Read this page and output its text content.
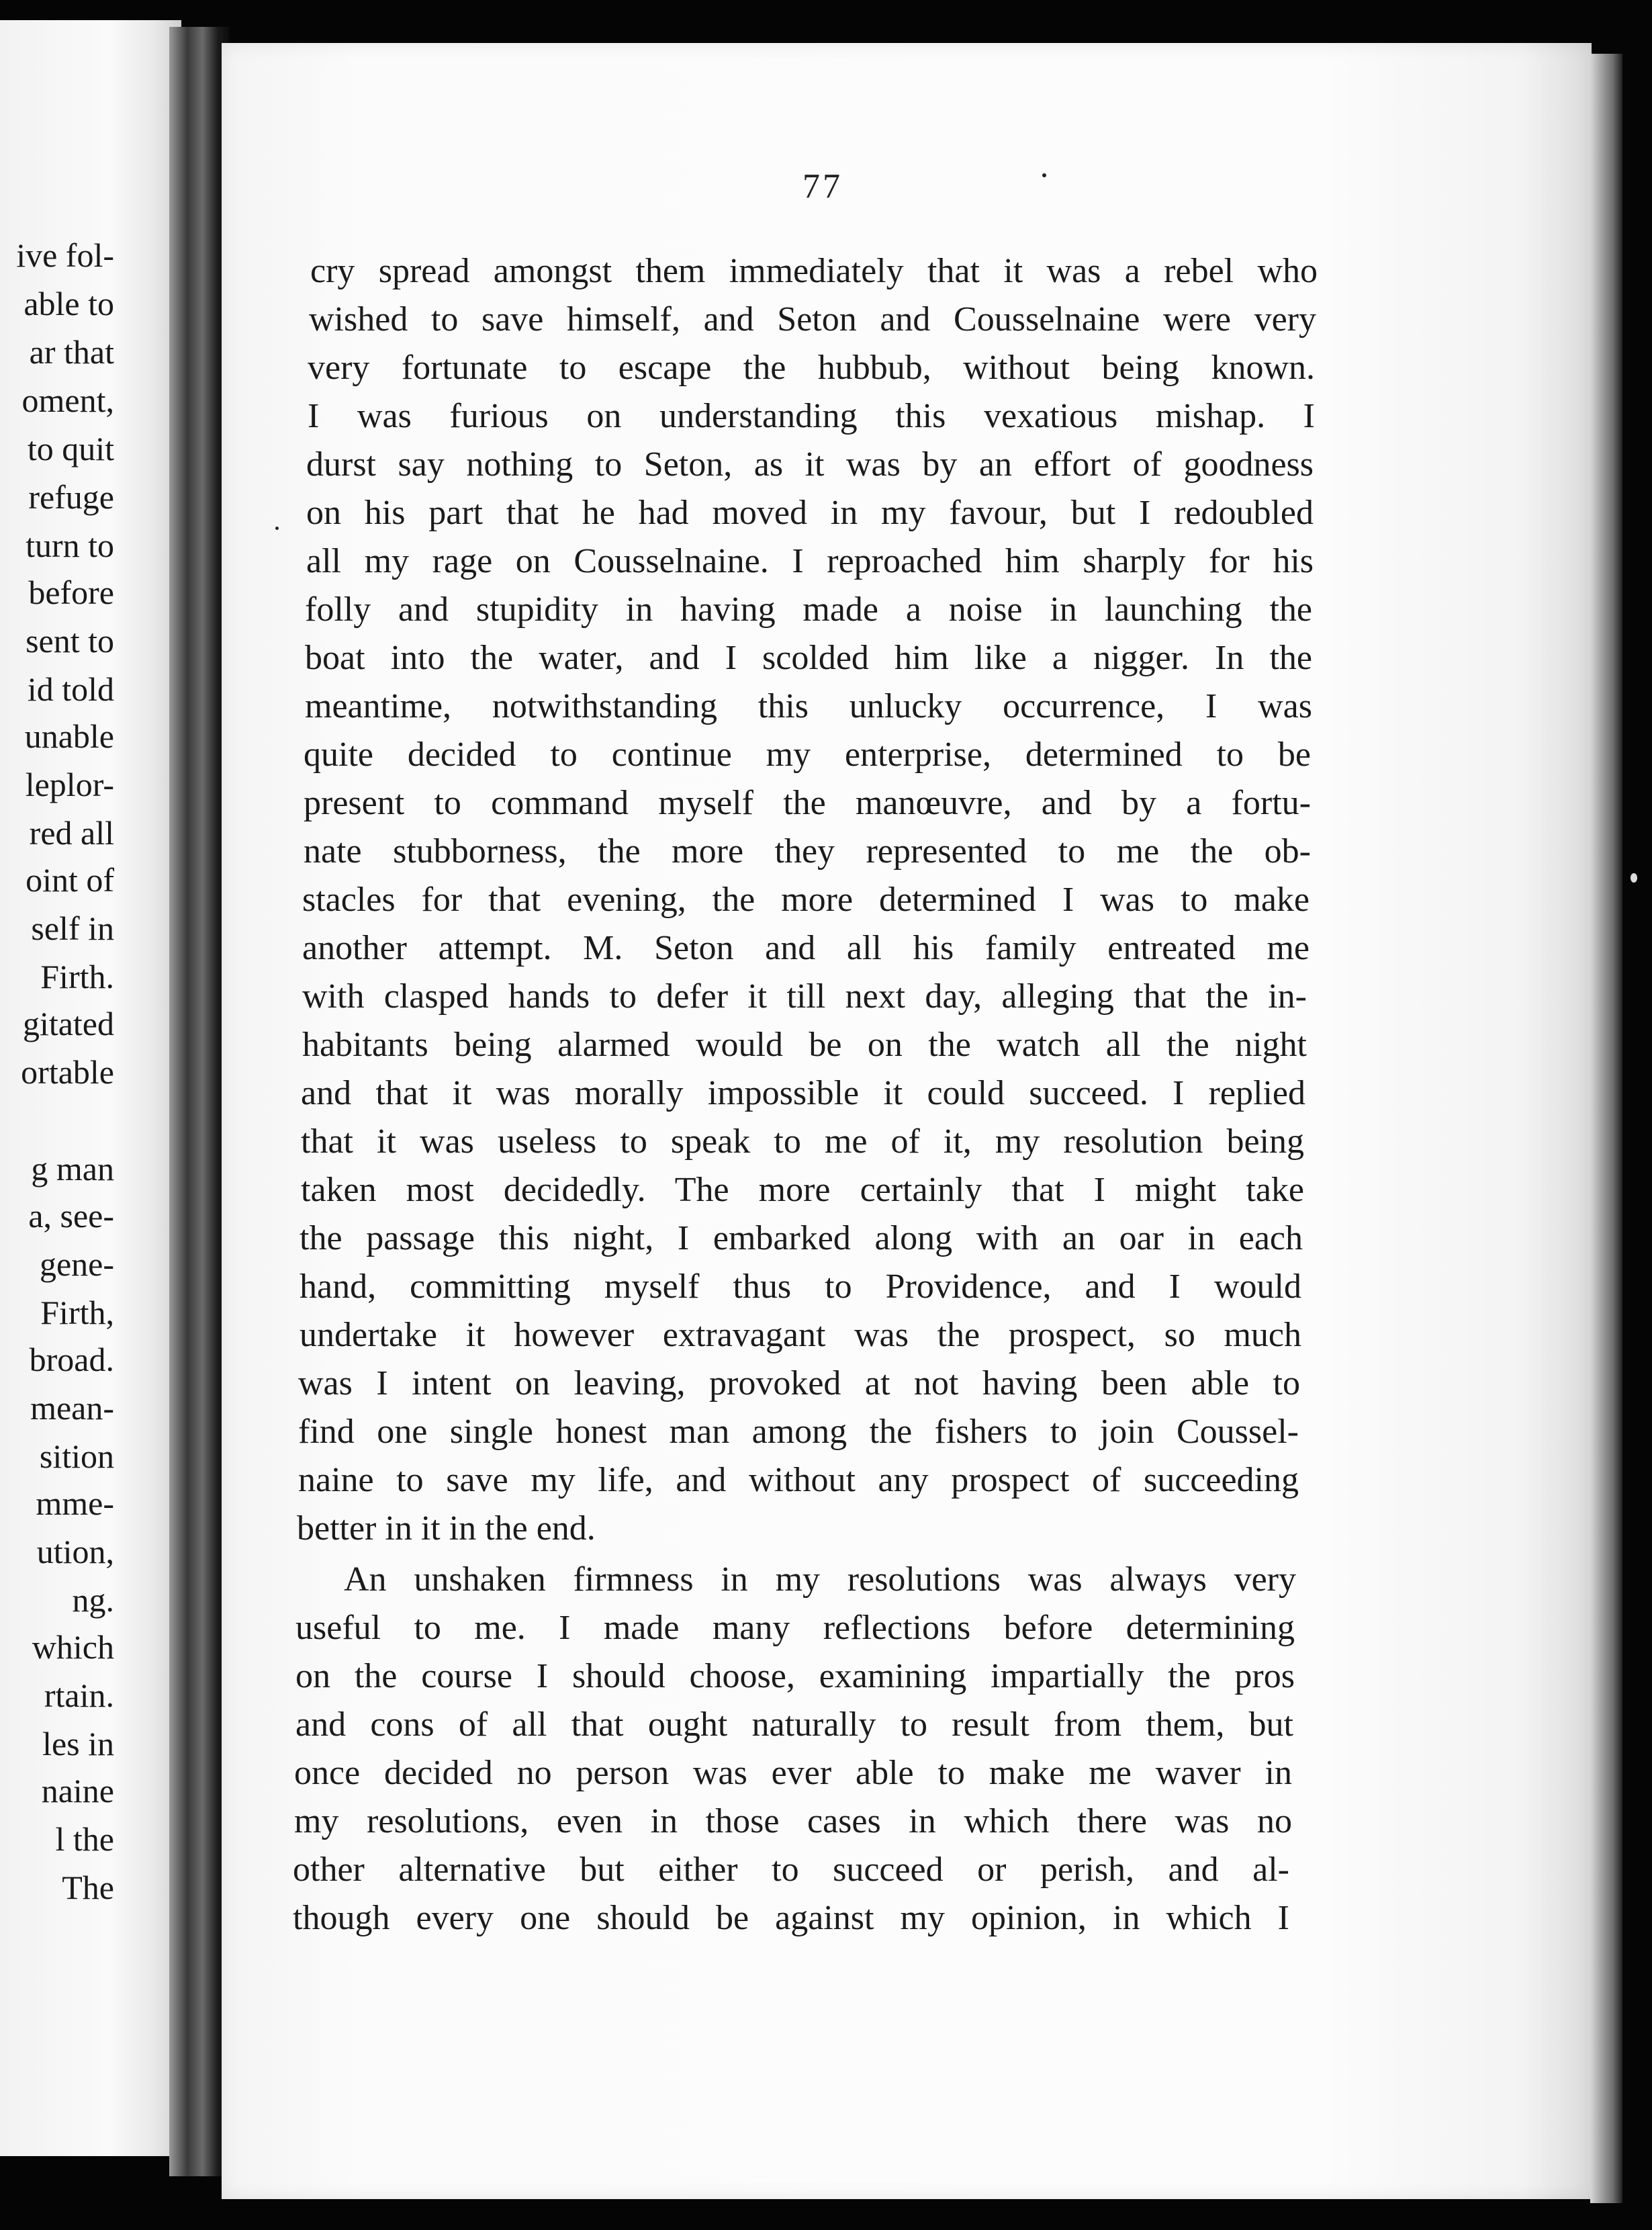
ive fol-
able to
ar that
oment,
to quit
refuge
turn to
before
sent to
id told
unable
leplor-
red all
oint of
self in
Firth.
gitated
ortable
g man
a, see-
gene-
Firth,
broad.
mean-
sition
mme-
ution,
ng.
which
rtain.
les in
naine
l the
The
77
cry spread amongst them immediately that it was a rebel who
wished to save himself, and Seton and Cousselnaine were very
very fortunate to escape the hubbub, without being known.
I was furious on understanding this vexatious mishap. I
durst say nothing to Seton, as it was by an effort of goodness
on his part that he had moved in my favour, but I redoubled
all my rage on Cousselnaine. I reproached him sharply for his
folly and stupidity in having made a noise in launching the
boat into the water, and I scolded him like a nigger. In the
meantime, notwithstanding this unlucky occurrence, I was
quite decided to continue my enterprise, determined to be
present to command myself the manœuvre, and by a fortu-
nate stubborness, the more they represented to me the ob-
stacles for that evening, the more determined I was to make
another attempt. M. Seton and all his family entreated me
with clasped hands to defer it till next day, alleging that the in-
habitants being alarmed would be on the watch all the night
and that it was morally impossible it could succeed. I replied
that it was useless to speak to me of it, my resolution being
taken most decidedly. The more certainly that I might take
the passage this night, I embarked along with an oar in each
hand, committing myself thus to Providence, and I would
undertake it however extravagant was the prospect, so much
was I intent on leaving, provoked at not having been able to
find one single honest man among the fishers to join Coussel-
naine to save my life, and without any prospect of succeeding
better in it in the end.
An unshaken firmness in my resolutions was always very
useful to me. I made many reflections before determining
on the course I should choose, examining impartially the pros
and cons of all that ought naturally to result from them, but
once decided no person was ever able to make me waver in
my resolutions, even in those cases in which there was no
other alternative but either to succeed or perish, and al-
though every one should be against my opinion, in which I
